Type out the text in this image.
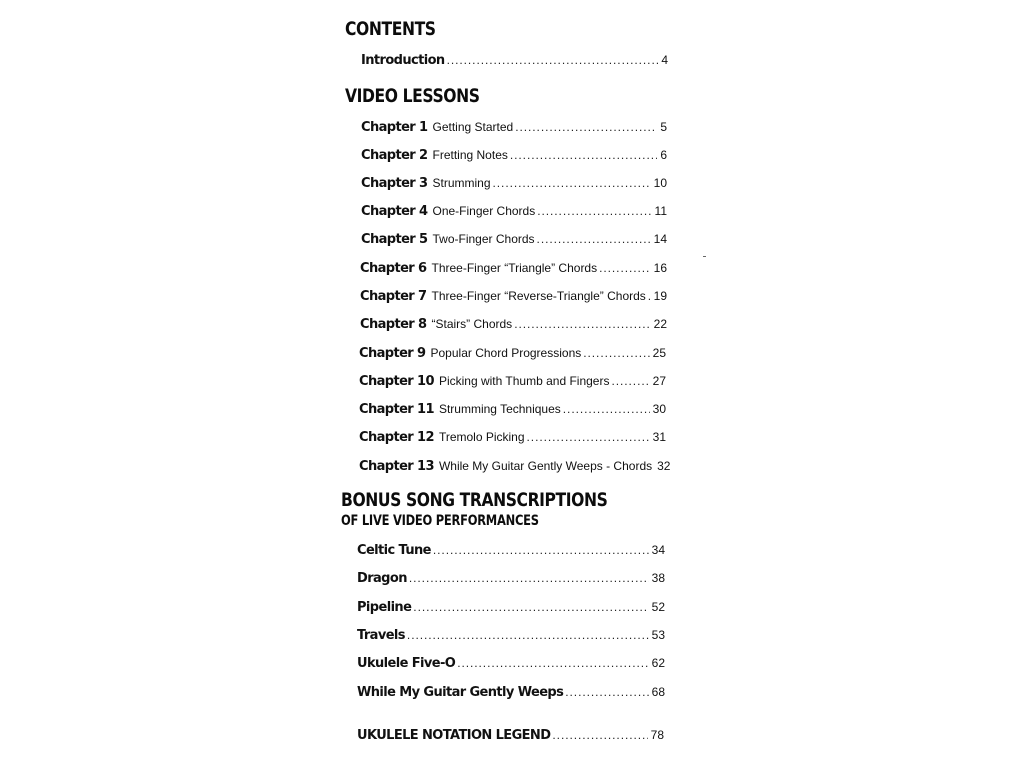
CONTENTS
Introduction . . .	4
VIDEO LESSONS
Chapter 1 Getting Started . . .	5
Chapter 2 Fretting Notes . . .	6
Chapter 3 Strumming . . .	10
Chapter 4 One-Finger Chords . . .	11
Chapter 5 Two-Finger Chords . . .	14
Chapter 6 Three-Finger “Triangle” Chords . . .	16
Chapter 7 Three-Finger “Reverse-Triangle” Chords . . . 19
Chapter 8 “Stairs” Chords . . .	22
Chapter 9 Popular Chord Progressions . . .	25
Chapter 10 Picking with Thumb and Fingers . . .	27
Chapter 11 Strumming Techniques . . .	30
Chapter 12 Tremolo Picking . . .	31
Chapter 13 While My Guitar Gently Weeps - Chords 32
BONUS SONG TRANSCRIPTIONS
OF LIVE VIDEO PERFORMANCES
Celtic Tune . . .	34
Dragon . . .	38
Pipeline . . .	52
Travels . . .	53
Ukulele Five-O . . .	62
While My Guitar Gently Weeps . . .	68
UKULELE NOTATION LEGEND . . .	78
